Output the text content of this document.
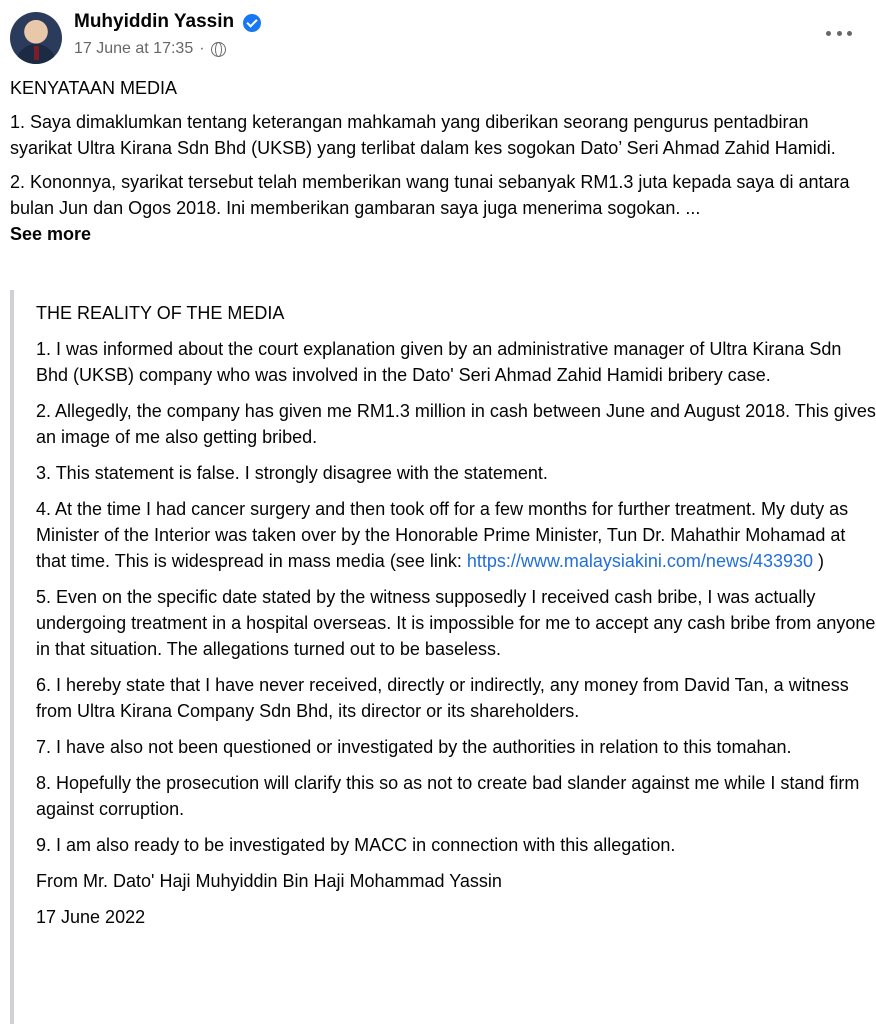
Muhyiddin Yassin
17 June at 17:35 ·

KENYATAAN MEDIA

1. Saya dimaklumkan tentang keterangan mahkamah yang diberikan seorang pengurus pentadbiran syarikat Ultra Kirana Sdn Bhd (UKSB) yang terlibat dalam kes sogokan Dato’ Seri Ahmad Zahid Hamidi.

2. Kononnya, syarikat tersebut telah memberikan wang tunai sebanyak RM1.3 juta kepada saya di antara bulan Jun dan Ogos 2018. Ini memberikan gambaran saya juga menerima sogokan. ...
See more

THE REALITY OF THE MEDIA

1. I was informed about the court explanation given by an administrative manager of Ultra Kirana Sdn Bhd (UKSB) company who was involved in the Dato' Seri Ahmad Zahid Hamidi bribery case.

2. Allegedly, the company has given me RM1.3 million in cash between June and August 2018. This gives an image of me also getting bribed.

3. This statement is false. I strongly disagree with the statement.

4. At the time I had cancer surgery and then took off for a few months for further treatment. My duty as Minister of the Interior was taken over by the Honorable Prime Minister, Tun Dr. Mahathir Mohamad at that time. This is widespread in mass media (see link: https://www.malaysiakini.com/news/433930 )

5. Even on the specific date stated by the witness supposedly I received cash bribe, I was actually undergoing treatment in a hospital overseas. It is impossible for me to accept any cash bribe from anyone in that situation. The allegations turned out to be baseless.

6. I hereby state that I have never received, directly or indirectly, any money from David Tan, a witness from Ultra Kirana Company Sdn Bhd, its director or its shareholders.

7. I have also not been questioned or investigated by the authorities in relation to this tomahan.

8. Hopefully the prosecution will clarify this so as not to create bad slander against me while I stand firm against corruption.

9. I am also ready to be investigated by MACC in connection with this allegation.

From Mr. Dato' Haji Muhyiddin Bin Haji Mohammad Yassin

17 June 2022
